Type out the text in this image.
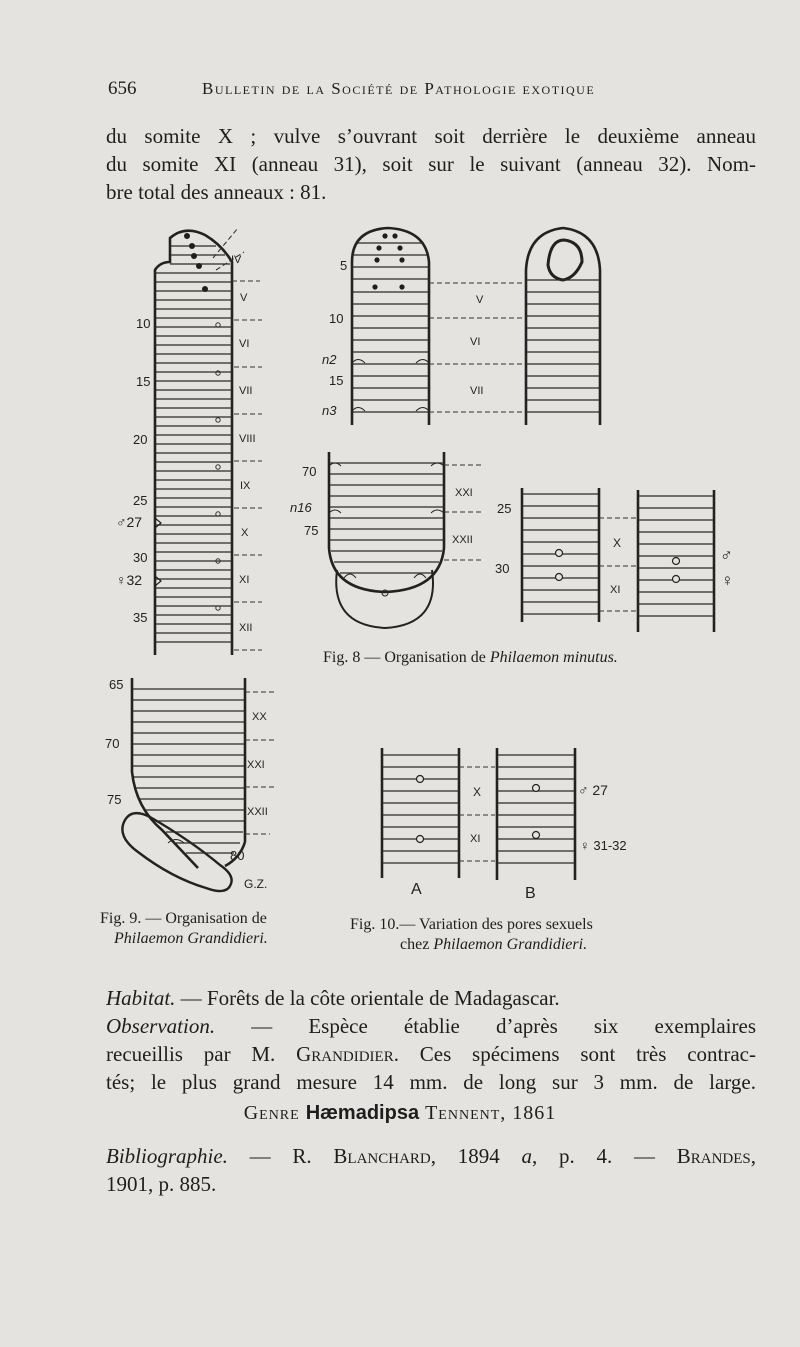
656	Bulletin de la Société de Pathologie exotique
du somite X ; vulve s’ouvrant soit derrière le deuxième anneau
du somite XI (anneau 31), soit sur le suivant (anneau 32). Nom-
bre total des anneaux : 81.
10
15
20
25
♂27
30
♀32
35
IV
V
VI
VII
VIII
IX
X
XI
XII
5
10
n2
15
n3
V
VI
VII
70
n16
75
XXI
XXII
25
30
X
XI
♂
♀
65
70
75
80
XX
XXI
XXII
G.Z.
X
XI
♂ 27
♀ 31-32
A	B
Fig. 8 — Organisation de Philaemon minutus.
Fig. 9. — Organisation de
Philaemon Grandidieri.
Fig. 10.— Variation des pores sexuels
chez Philaemon Grandidieri.
Habitat. — Forêts de la côte orientale de Madagascar.
Observation. — Espèce établie d’après six exemplaires
recueillis par M. Grandidier. Ces spécimens sont très contrac-
tés; le plus grand mesure 14 mm. de long sur 3 mm. de large.
Genre Hæmadipsa Tennent, 1861
Bibliographie. — R. Blanchard, 1894 a, p. 4. — Brandes,
1901, p. 885.
